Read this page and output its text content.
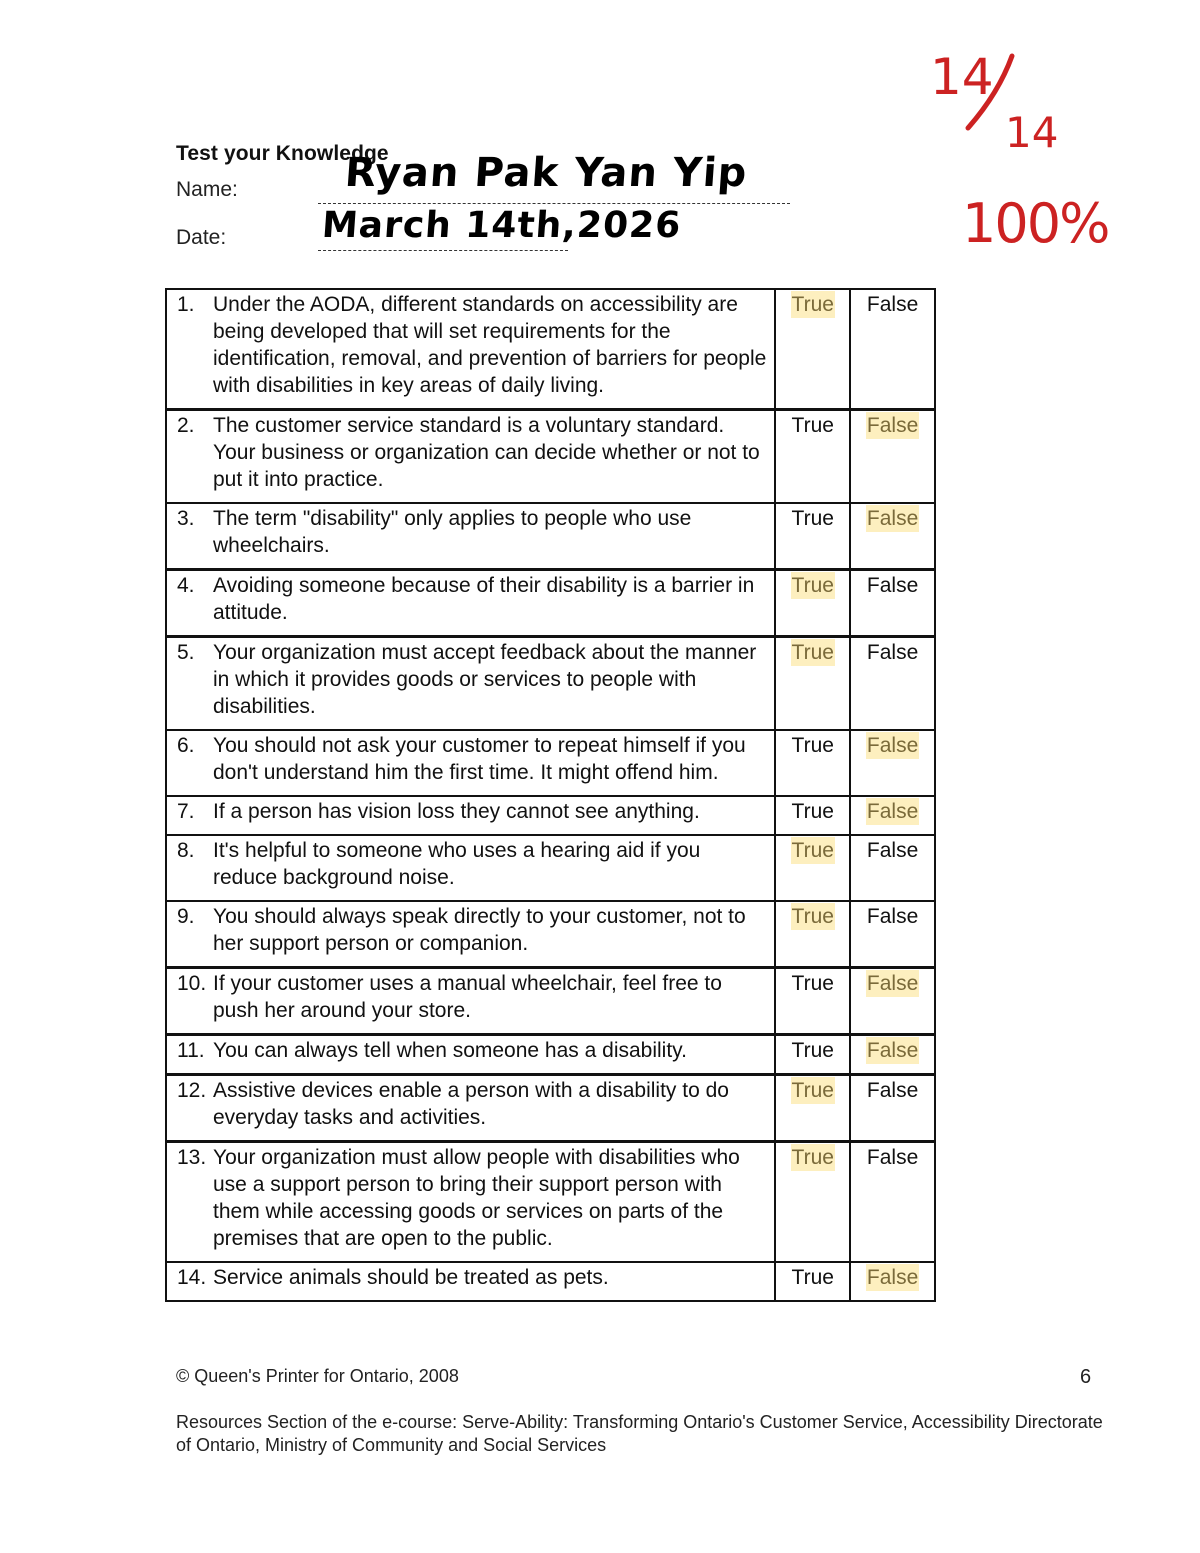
Test your Knowledge
Name:	Ryan Pak Yan Yip
Date:	March 14th,2026
14
14
100%
1. Under the AODA, different standards on accessibility are being developed that will set requirements for the identification, removal, and prevention of barriers for people with disabilities in key areas of daily living.	True	False

2. The customer service standard is a voluntary standard. Your business or organization can decide whether or not to put it into practice.	True	False

3. The term "disability" only applies to people who use wheelchairs.	True	False

4. Avoiding someone because of their disability is a barrier in attitude.	True	False

5. Your organization must accept feedback about the manner in which it provides goods or services to people with disabilities.	True	False

6. You should not ask your customer to repeat himself if you don't understand him the first time. It might offend him.	True	False

7. If a person has vision loss they cannot see anything.	True	False

8. It's helpful to someone who uses a hearing aid if you reduce background noise.	True	False

9. You should always speak directly to your customer, not to her support person or companion.	True	False

10. If your customer uses a manual wheelchair, feel free to push her around your store.	True	False

11. You can always tell when someone has a disability.	True	False

12. Assistive devices enable a person with a disability to do everyday tasks and activities.	True	False

13. Your organization must allow people with disabilities who use a support person to bring their support person with them while accessing goods or services on parts of the premises that are open to the public.	True	False

14. Service animals should be treated as pets.	True	False
© Queen's Printer for Ontario, 2008	6
Resources Section of the e-course: Serve-Ability: Transforming Ontario's Customer Service, Accessibility Directorate of Ontario, Ministry of Community and Social Services
